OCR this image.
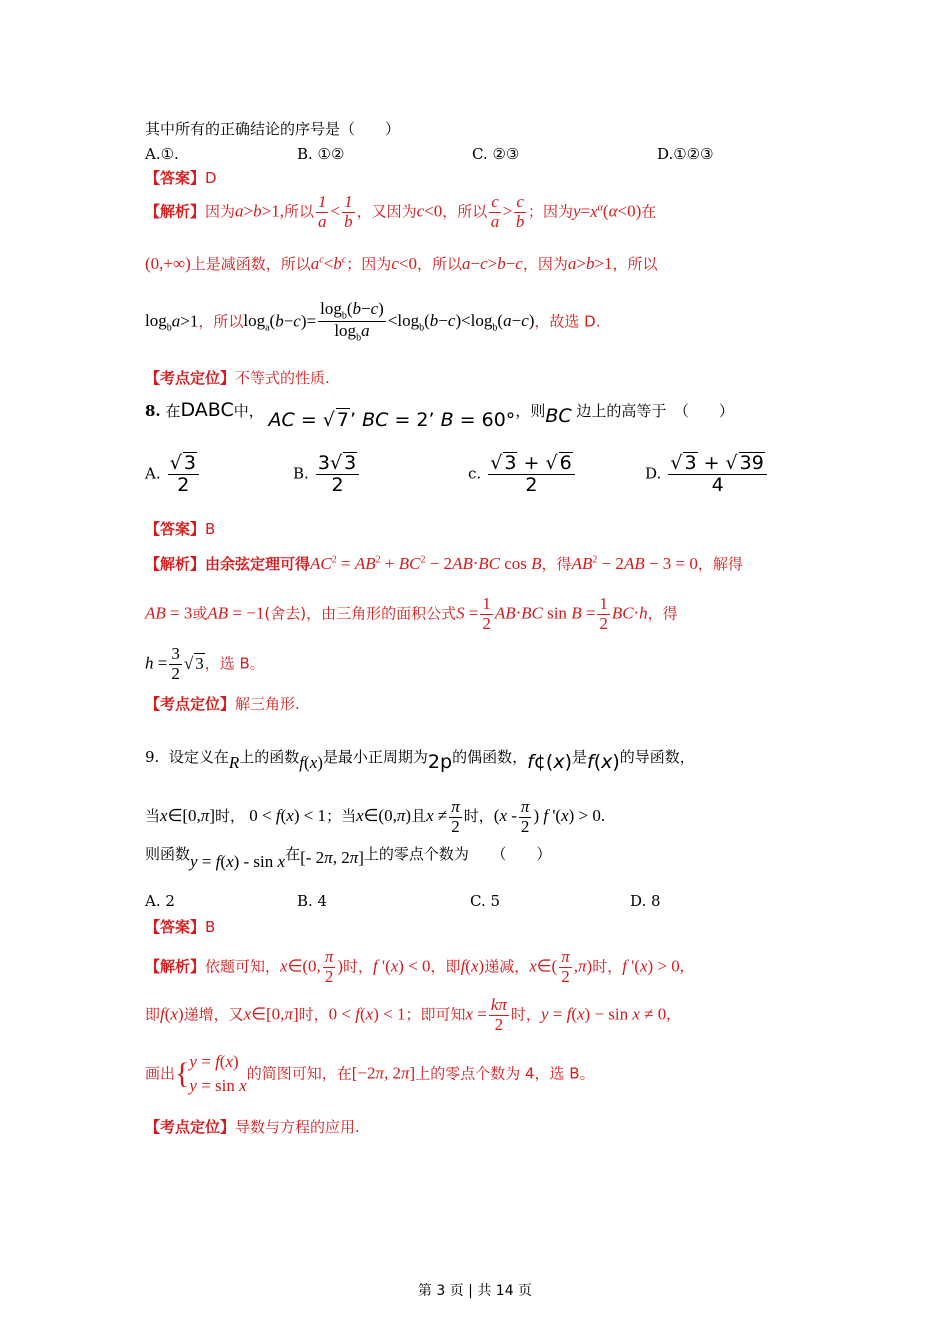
其中所有的正确结论的序号是（　　）
A.①.	B. ①②	C. ②③	D.①②③
【答案】D
【解析】因为a>b>1,所以 $\frac{1}{a} < \frac{1}{b}$ ，又因为c<0，所以 $\frac{c}{a} > \frac{c}{b}$ ；因为$y=x^\alpha(\alpha<0)$在
(0,+∞)上是减函数，所以$a^c<b^c$；因为c<0，所以a−c>b−c，因为a>b>1，所以
$\log_ba>1$，所以$\log_a(b-c)= \frac{\log_b(b-c)}{\log_ba} <\log_b(b-c)<\log_b(a-c)$，故选 D.
【考点定位】不等式的性质.
8. 在DABC中， AC = √ 7’ BC = 2’ B = 60°，则BC 边上的高等于　（　　）
A. $\frac{√ 3}{2}$	B. $\frac{3√ 3}{2}$	c. $\frac{√ 3 + √ 6}{2}$	D. $\frac{√ 3 + √ 39}{4}$
【答案】B
【解析】由余弦定理可得$AC^2 = AB^2 + BC^2 - 2AB\cdot BC$ cos B，得$AB^2 - 2AB - 3 = 0$，解得
AB = 3或AB = −1(舍去)，由三角形的面积公式$S = \frac{1}{2} AB\cdot BC$ $\sin B = \frac{1}{2} BC\cdot h$，得
$h = \frac{3}{2}$ √ 3，选 B。
【考点定位】解三角形.
9. 设定义在R上的函数f(x)是最小正周期为2p的偶函数，f¢(x)是f(x)的导函数，
当x∈[0,π]时， 0 < f(x) < 1；当x∈(0,π)且$x \ne \frac{\pi}{2}$ 时，($x - \frac{\pi}{2}$ ) f '(x) > 0.
则函数y = f(x) - sin x在[- 2π, 2π]上的零点个数为　　（　　）
A. 2	B. 4	C. 5	D. 8
【答案】B
【解析】依题可知，x∈(0, $\frac{\pi}{2}$ )时，f '(x) < 0，即f(x)递减，x∈( $\frac{\pi}{2} ,\pi$)时，f '(x) > 0,
即f(x)递增，又x∈[0,π]时，0 < f(x) < 1；即可知$x = \frac{k\pi}{2}$ 时，y = f(x) − sin x ≠ 0,
画出{ y = f(x)
y = sin x
的简图可知，在[−2π, 2π]上的零点个数为 4，选 B。
【考点定位】导数与方程的应用.
第 3 页 | 共 14 页
